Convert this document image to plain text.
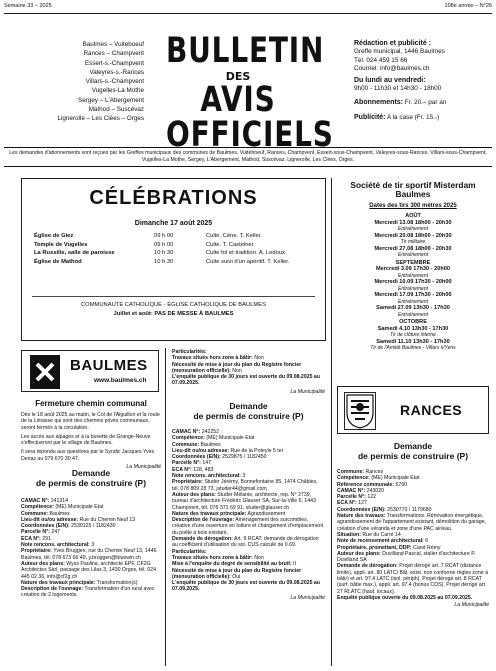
Semaine 33 – 2025	108e année – N°26
Baulmes – Vuiteboeuf
Rances – Champvent
Essert-s.-Champvent
Valeyres-s.-Rances
Villars-s.-Champvent
Vugelles-La Mothe
Sergey – L'Abergement
Mathod – Suscévaz
Lignerolle – Les Clées – Orges
BULLETIN
DES
AVIS OFFICIELS
Rédaction et publicité :
Greffe municipal, 1446 Baulmes
Tél. 024 459 15 66
Courriel: info@baulmes.ch
Du lundi au vendredi:
9h00 - 11h30 et 14h30 - 18h00
Abonnements: Fr. 20.– par an
Publicité: A la case (Fr. 15.-)
Les demandes d'abonnements sont reçues par les Greffes municipaux des communes de Baulmes, Vuiteboeuf, Rances, Champvent, Essert-sous-Champvent, Valeyres-sous-Rances, Villars-sous-Champvent, Vugelles-La Mothe, Sergey, L'Abergement, Mathod, Suscévaz, Lignerolle, Les Clées, Orges.
CÉLÉBRATIONS
Dimanche 17 août 2025
Église de Giez	09 h 00	Culte. Cène. T. Keller.
Temple de Vugelles	09 h 00	Culte. T. Castelner.
La Russille, salle de paroisse	10 h 30	Culte fol et tradition. A. Ledoux.
Église de Mathod	10 h 30	Culte suivi d'un apéritif. T. Keller.
COMMUNAUTÉ CATHOLIQUE - ÉGLISE CATHOLIQUE DE BAULMES
Juillet et août: PAS DE MESSE À BAULMES
BAULMES
www.baulmes.ch
Fermeture chemin communal
Dès le 18 août 2025 au matin, le Col de l'Aiguillon et la route de la Limasse qui sont des chemins privés communaux, seront fermés à la circulation.
Les accès aux alpages et à la buvette de Grange-Neuve s'effectueront par le village de Baulmes.
Il sera répondu aux questions par le Syndic Jacques-Yves Deriaz au 079 670 30 47.
La Municipalité
Demande
de permis de construire (P)
CAMAC N°: 241314
Compétence: (ME) Municipale Etat
Commune: Baulmes
Lieu-dit ou/ou adresse: Rue du Chemin Neuf 13
Coordonnées (E/N): 2530125 / 1182430
Parcelle N°: 247
ECA N°: 291
Note rencons. architectural: 3
Propriétaire: Yves Bruggen, rue du Chemin Neuf 13, 1446 Baulmes, tél. 078 673 66 49, y.bruggen@bluewin.ch
Auteur des plans: Wyss Paulina, architecte EPF, CF2G Architectes Sàrl, passage des Lilas 3, 1430 Orges, tél. 024 445 02 36, info@cf2g.ch
Nature des travaux principale: Transformation(s)
Description de l'ouvrage: Transformation d'un rural avec création de 2 logements.
Particularités:
Travaux situés hors zone à bâtir: Non
Nécessité de mise à jour du plan du Registre foncier (mensuration officielle): Non
L'enquête publique de 30 jours est ouverte du 09.08.2025 au 07.09.2025.
La Municipalité
Demande
de permis de construire (P)
CAMAC N°: 242252
Compétence: (ME) Municipale Etat
Commune: Baulmes
Lieu-dit ou/ou adresse: Rue de la Poteyle 5 ter
Coordonnées (E/N): 2529875 / 1182450
Parcelle N°: 147
ECA N°: 128, 483
Note rencons. architectural: 3
Propriétaire: Studer Jérémy, Bonnefontaine 85, 1474 Châbles, tél. 078 809 28 73, jstuder44@gmail.com
Auteur des plans: Studer Mélanie, architecte, rep. N° 2739, bureau d'architecture Frédéric Glauser SA, Sur-la-Ville 6, 1443 Champvent, tél. 076 371 69 91, studer@glauser.ch
Nature des travaux principale: Agrandissement
Description de l'ouvrage: Aménagement des surcombles, création d'une ouverture en toiture et changement d'emplacement du poêle à bois existant.
Demande de dérogation: Art. 9 RCAT: demande de dérogation au coefficient d'utilisation du sol. CUS calculé de 0.69.
Particularités:
Travaux situés hors zone à bâtir: Non
Mise à l'enquête du degré de sensibilité au bruit: II
Nécessité de mise à jour du plan du Registre foncier (mensuration officielle): Oui
L'enquête publique de 30 jours est ouverte du 09.08.2025 au 07.09.2025.
La Municipalité
Société de tir sportif Misterdam Baulmes
Dates des tirs 300 mètres 2025
AOÛT
Mercredi 13.08 18h00 - 20h30
Entraînement
Mercredi 20.08 18h00 - 20h30
Tir militaire
Mercredi 27.08 18h00 - 20h30
Entraînement
SEPTEMBRE
Mercredi 3.09 17h30 - 20h00
Entraînement
Mercredi 10.09 17h30 - 20h00
Entraînement
Mercredi 17.09 17h30 - 20h00
Entraînement
Samedi 27.09 13h30 - 17h30
Entraînement
OCTOBRE
Samedi 4.10 13h30 - 17h30
Tir de clôture interne
Samedi 11.10 13h30 - 17h30
Tir de l'Amitié Baulmes - Villars s/Yens
RANCES
Demande
de permis de construire (P)
Commune: Rances
Compétence: (ME) Municipale Etat
Référence communale: 5760
CAMAC N°: 243020
Parcelle N°: 122
ECA N°: 127
Coordonnées (E/N): 2530770 / 1179680
Nature des travaux: Transformations. Rénovation énergétique, agrandissement de l'appartement existant, démolition du garage, création d'une véranda et zone d'une PAC air/eau.
Situation: Rue du Carré 14
Note de recensement architectural: 6
Propriétaire, promettant, DDP: Cand Rémy
Auteur des plans: Duvilland Pascal, stalier d'architecture P. Duvilland SA
Demande de dérogation: Projet dérogé art. 7 RCAT (distance limite), appli. art. 80 LATC/ Bât. exist. non conforme règles zone à bâtir) et art. 97.4 LATC (isol. périph). Projet dérogé art. 8 RCAT (surf. bâtie max.), appli. art. 97.4 (bonus COS). Projet dérogé art. 27 RLATC (haut. locaux).
Enquête publique ouverte du 09.08.2025 au 07.09.2025.
La Municipalité
